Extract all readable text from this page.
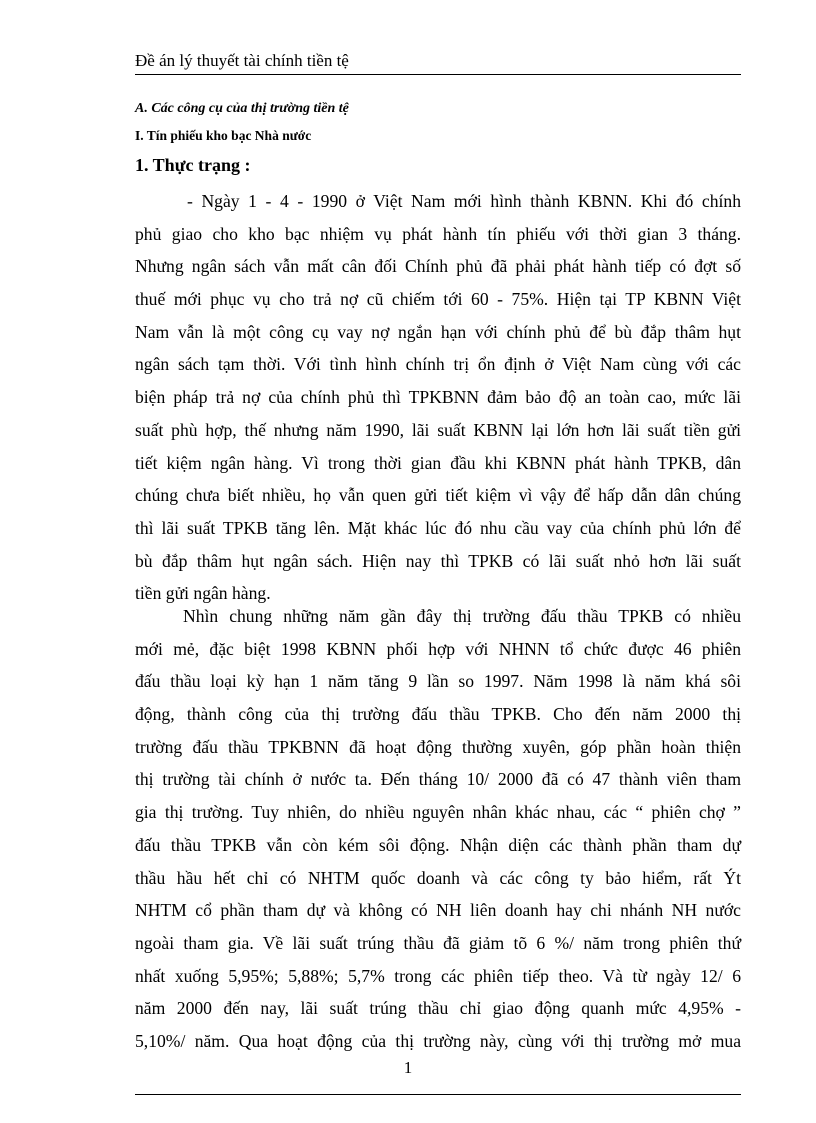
Đề án lý thuyết tài chính tiền tệ
A. Các công cụ của thị trường tiền tệ
I. Tín phiếu kho bạc Nhà nước
1. Thực trạng :
- Ngày 1 - 4 - 1990 ở Việt Nam mới hình thành KBNN. Khi đó chính
phủ giao cho kho bạc nhiệm vụ phát hành tín phiếu với thời gian 3 tháng.
Nhưng ngân sách vẫn mất cân đối Chính phủ đã phải phát hành tiếp có đợt số
thuế mới phục vụ cho trả nợ cũ chiếm tới 60 - 75%. Hiện tại TP KBNN Việt
Nam vẫn là một công cụ vay nợ ngắn hạn với chính phủ để bù đắp thâm hụt
ngân sách tạm thời. Với tình hình chính trị ổn định ở Việt Nam cùng với các
biện pháp trả nợ của chính phủ thì TPKBNN đảm bảo độ an toàn cao, mức lãi
suất phù hợp, thế nhưng năm 1990, lãi suất KBNN lại lớn hơn lãi suất tiền gửi
tiết kiệm ngân hàng. Vì trong thời gian đầu khi KBNN phát hành TPKB, dân
chúng chưa biết nhiều, họ vẫn quen gửi tiết kiệm vì vậy để hấp dẫn dân chúng
thì lãi suất TPKB tăng lên. Mặt khác lúc đó nhu cầu vay của chính phủ lớn để
bù đắp thâm hụt ngân sách. Hiện nay thì TPKB có lãi suất nhỏ hơn lãi suất
tiền gửi ngân hàng.
Nhìn chung những năm gần đây thị trường đấu thầu TPKB có nhiều
mới mẻ, đặc biệt 1998 KBNN phối hợp với NHNN tổ chức được 46 phiên
đấu thầu loại kỳ hạn 1 năm tăng 9 lần so 1997. Năm 1998 là năm khá sôi
động, thành công của thị trường đấu thầu TPKB. Cho đến năm 2000 thị
trường đấu thầu TPKBNN đã hoạt động thường xuyên, góp phần hoàn thiện
thị trường tài chính ở nước ta. Đến tháng 10/ 2000 đã có 47 thành viên tham
gia thị trường. Tuy nhiên, do nhiều nguyên nhân khác nhau, các “ phiên chợ ”
đấu thầu TPKB vẫn còn kém sôi động. Nhận diện các thành phần tham dự
thầu hầu hết chỉ có NHTM quốc doanh và các công ty bảo hiểm, rất Ýt
NHTM cổ phần tham dự và không có NH liên doanh hay chi nhánh NH nước
ngoài tham gia. Về lãi suất trúng thầu đã giảm tõ 6 %/ năm trong phiên thứ
nhất xuống 5,95%; 5,88%; 5,7% trong các phiên tiếp theo. Và từ ngày 12/ 6
năm 2000 đến nay, lãi suất trúng thầu chỉ giao động quanh mức 4,95% -
5,10%/ năm. Qua hoạt động của thị trường này, cùng với thị trường mở mua
1
